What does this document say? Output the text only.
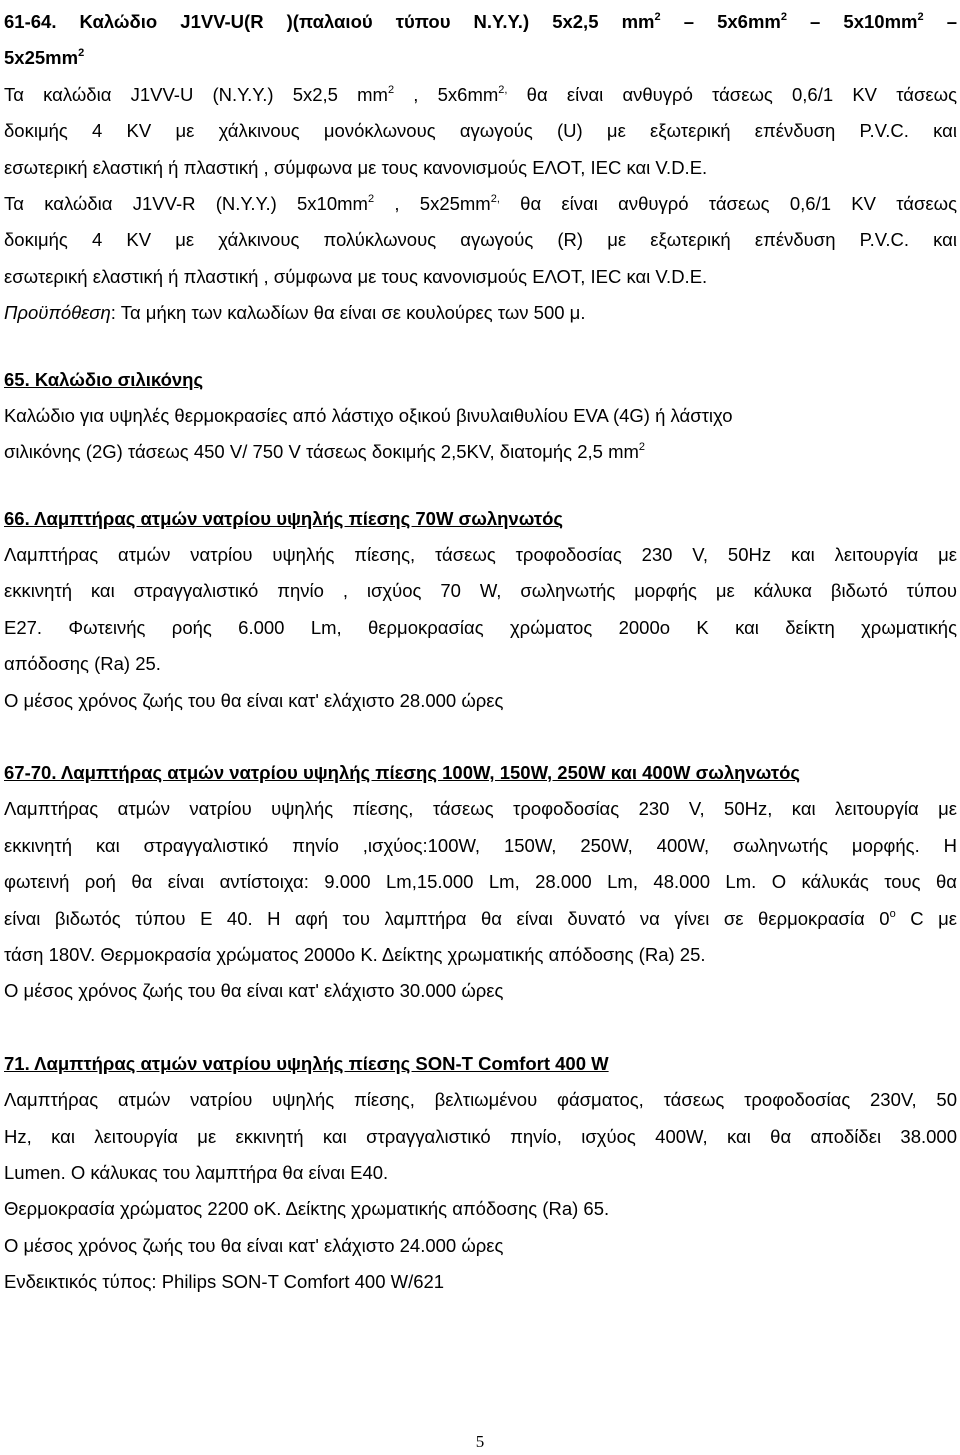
61-64. Καλώδιο J1VV-U(R )(παλαιού τύπου Ν.Υ.Υ.) 5x2,5 $mm^2 - 5x6mm^2 - 5x10mm^2$ –
$5x25mm^2$
Τα καλώδια J1VV-U (N.Y.Y.) 5x2,5 $mm^2$ , $5x6mm^{2,}$ θα είναι ανθυγρό τάσεως 0,6/1 KV τάσεως
δοκιμής 4 KV με χάλκινους μονόκλωνους αγωγούς (U) με εξωτερική επένδυση P.V.C. και
εσωτερική ελαστική ή πλαστική , σύμφωνα με τους κανονισμούς ΕΛΟΤ, IEC και V.D.E.
Τα καλώδια J1VV-R (N.Y.Y.) $5x10mm^2$ , $5x25mm^{2,}$ θα είναι ανθυγρό τάσεως 0,6/1 KV τάσεως
δοκιμής 4 KV με χάλκινους πολύκλωνους αγωγούς (R) με εξωτερική επένδυση P.V.C. και
εσωτερική ελαστική ή πλαστική , σύμφωνα με τους κανονισμούς ΕΛΟΤ, IEC και V.D.E.
Προϋπόθεση: Τα μήκη των καλωδίων θα είναι σε κουλούρες των 500 μ.
65. Καλώδιο σιλικόνης
Καλώδιο για υψηλές θερμοκρασίες από λάστιχο οξικού βινυλαιθυλίου EVA (4G) ή λάστιχο
σιλικόνης (2G) τάσεως 450 V/ 750 V τάσεως δοκιμής 2,5KV, διατομής 2,5 $mm^2$
66. Λαμπτήρας ατμών νατρίου υψηλής πίεσης 70W σωληνωτός
Λαμπτήρας ατμών νατρίου υψηλής πίεσης, τάσεως τροφοδοσίας 230 V, 50Hz και λειτουργία με
εκκινητή και στραγγαλιστικό πηνίο , ισχύος 70 W, σωληνωτής μορφής με κάλυκα βιδωτό τύπου
E27. Φωτεινής ροής 6.000 Lm, θερμοκρασίας χρώματος 2000ο Κ και δείκτη χρωματικής
απόδοσης (Ra) 25.
Ο μέσος χρόνος ζωής του θα είναι κατ' ελάχιστο 28.000 ώρες
67-70. Λαμπτήρας ατμών νατρίου υψηλής πίεσης 100W, 150W, 250W και 400W σωληνωτός
Λαμπτήρας ατμών νατρίου υψηλής πίεσης, τάσεως τροφοδοσίας 230 V, 50Hz, και λειτουργία με
εκκινητή και στραγγαλιστικό πηνίο ,ισχύος:100W, 150W, 250W, 400W, σωληνωτής μορφής. Η
φωτεινή ροή θα είναι αντίστοιχα: 9.000 Lm,15.000 Lm, 28.000 Lm, 48.000 Lm. Ο κάλυκάς τους θα
είναι βιδωτός τύπου Ε 40. Η αφή του λαμπτήρα θα είναι δυνατό να γίνει σε θερμοκρασία $0^o$ C με
τάση 180V. Θερμοκρασία χρώματος 2000ο Κ. Δείκτης χρωματικής απόδοσης (Ra) 25.
Ο μέσος χρόνος ζωής του θα είναι κατ' ελάχιστο 30.000 ώρες
71. Λαμπτήρας ατμών νατρίου υψηλής πίεσης SON-T Comfort 400 W
Λαμπτήρας ατμών νατρίου υψηλής πίεσης, βελτιωμένου φάσματος, τάσεως τροφοδοσίας 230V, 50
Hz, και λειτουργία με εκκινητή και στραγγαλιστικό πηνίο, ισχύος 400W, και θα αποδίδει 38.000
Lumen. Ο κάλυκας του λαμπτήρα θα είναι Ε40.
Θερμοκρασία χρώματος 2200 οΚ. Δείκτης χρωματικής απόδοσης (Ra) 65.
Ο μέσος χρόνος ζωής του θα είναι κατ' ελάχιστο 24.000 ώρες
Ενδεικτικός τύπος: Philips SON-T Comfort 400 W/621
5
